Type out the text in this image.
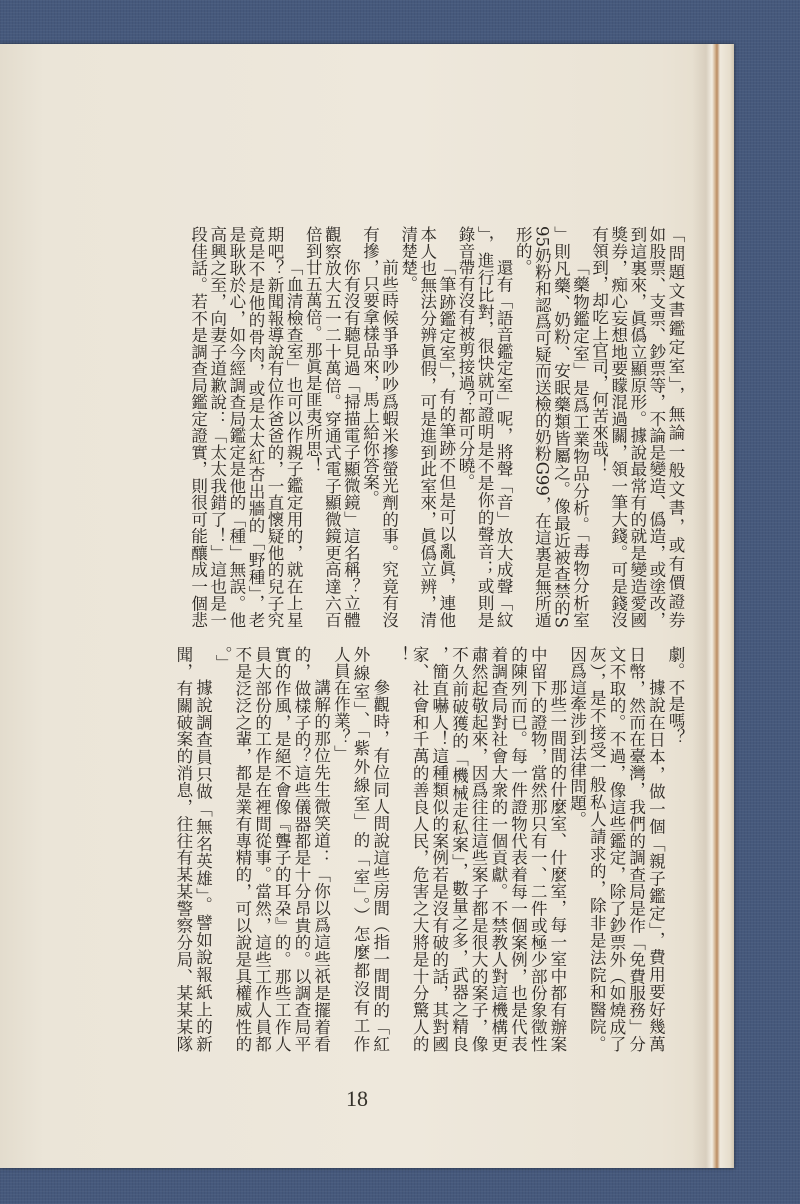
「問題文書鑑定室」，無論一般文書，或有價證券
如股票、支票、鈔票等，不論是變造、僞造，或塗改，
到這裏來，眞僞立顯原形。據說最常有的就是變造愛國
獎券，痴心妄想地要矇混過關，領一筆大錢。可是錢沒
有領到，却吃上官司，何苦來哉！
「藥物鑑定室」是爲工業物品分析。「毒物分析室
」則凡藥、奶粉、安眠藥類皆屬之。像最近被查禁的S
95奶粉和認爲可疑而送檢的奶粉G99，在這裏是無所遁
形的。
還有「語音鑑定室」呢，將聲「音」放大成聲「紋
」，進行比對，很快就可證明是不是你的聲音；或則是
錄音帶有沒有被剪接過？都可分曉。
「筆跡鑑定室」，有的筆跡不但是可以亂眞，連他
本人也無法分辨眞假，可是進到此室來，眞僞立辨，清
清楚楚。
前些時候爭爭吵吵爲蝦米摻螢光劑的事。究竟有沒
有摻，只要拿樣品來，馬上給你答案。
你有沒有聽見過「掃描電子顯微鏡」這名稱？立體
觀察放大五一二十萬倍。穿通式電子顯微鏡更高達六百
倍到廿五萬倍。那眞是匪夷所思！
「血清檢查室」也可以作親子鑑定用的，就在上星
期吧？新聞報導說有位作爸爸的，一直懷疑他的兒子究
竟是不是他的骨肉，或是太太紅杏出牆的「野種」，老
是耿耿於心，如今經調查局鑑定是他的「種」無誤。他
高興之至，向妻子道歉說：「太太我錯了！」這也是一
段佳話。若不是調查局鑑定證實，則很可能釀成一個悲
劇。不是嗎？
據說在日本，做一個「親子鑑定」，費用要好幾萬
日幣，然而在臺灣，我們的調查局是作「免費服務」分
文不取的。不過，像這些鑑定，除了鈔票外（如燒成了
灰），是不接受一般私人請求的，除非是法院和醫院。
因爲這牽涉到法律問題。
那些一間間的什麼室、什麼室，每一室中都有辦案
中留下的證物，當然那只有一、二件或極少部份象徵性
的陳列而已。每一件證物代表着每一個案例，也是代表
着調查局對社會大衆的一個貢獻。不禁教人對這機構更
肅然起敬起來，因爲往往這些案子都是很大的案子，像
不久前破獲的「機械走私案」，數量之多，武器之精良
，簡直嚇人！這種類似的案例若是沒有破的話，其對國
家、社會和千萬的善良人民，危害之大將是十分驚人的
！
參觀時，有位同人問說這些房間（指一間間的「紅
外線室」、「紫外線室」的「室」。）怎麼都沒有工作
人員在作業？」
講解的那位先生微笑道：「你以爲這些祇是擺着看
的，做樣子的？這些儀器都是十分昂貴的。以調查局平
實的作風，是絕不會像『聾子的耳朶』的。那些工作人
員大部份的工作是在裡間從事。當然，這些工作人員都
不是泛泛之輩，都是業有專精的，可以說是具權威性的
。」
據說調查員只做「無名英雄」。譬如說報紙上的新
聞，有關破案的消息，往往有某某警察分局、某某某隊
18
